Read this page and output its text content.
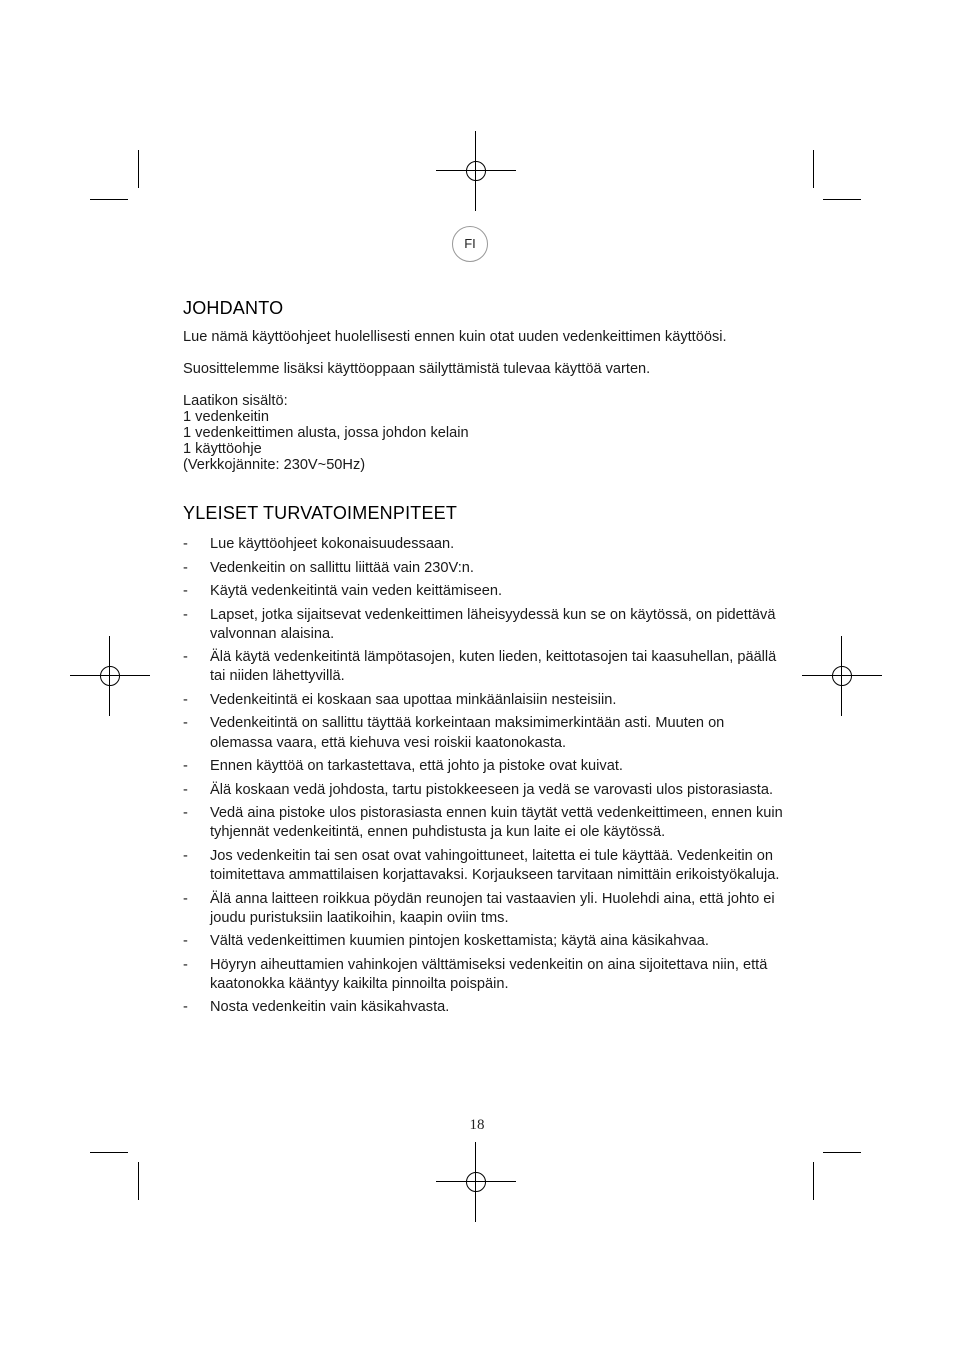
FI
JOHDANTO

Lue nämä käyttöohjeet huolellisesti ennen kuin otat uuden vedenkeittimen käyttöösi.

Suosittelemme lisäksi käyttöoppaan säilyttämistä tulevaa käyttöä varten.

Laatikon sisältö:

1 vedenkeitin

1 vedenkeittimen alusta, jossa johdon kelain

1 käyttöohje

(Verkkojännite: 230V~50Hz)

YLEISET TURVATOIMENPITEET
- Lue käyttöohjeet kokonaisuudessaan.
- Vedenkeitin on sallittu liittää vain 230V:n.
- Käytä vedenkeitintä vain veden keittämiseen.
- Lapset, jotka sijaitsevat vedenkeittimen läheisyydessä kun se on käytössä, on pidettävä valvonnan alaisina.
- Älä käytä vedenkeitintä lämpötasojen, kuten lieden, keittotasojen tai kaasuhellan, päällä tai niiden lähettyvillä.
- Vedenkeitintä ei koskaan saa upottaa minkäänlaisiin nesteisiin.
- Vedenkeitintä on sallittu täyttää korkeintaan maksimimerkintään asti. Muuten on olemassa vaara, että kiehuva vesi roiskii kaatonokasta.
- Ennen käyttöä on tarkastettava, että johto ja pistoke ovat kuivat.
- Älä koskaan vedä johdosta, tartu pistokkeeseen ja vedä se varovasti ulos pistorasiasta.
- Vedä aina pistoke ulos pistorasiasta ennen kuin täytät vettä vedenkeittimeen, ennen kuin tyhjennät vedenkeitintä, ennen puhdistusta ja kun laite ei ole käytössä.
- Jos vedenkeitin tai sen osat ovat vahingoittuneet, laitetta ei tule käyttää. Vedenkeitin on toimitettava ammattilaisen korjattavaksi. Korjaukseen tarvitaan nimittäin erikoistyökaluja.
- Älä anna laitteen roikkua pöydän reunojen tai vastaavien yli. Huolehdi aina, että johto ei joudu puristuksiin laatikoihin, kaapin oviin tms.
- Vältä vedenkeittimen kuumien pintojen koskettamista; käytä aina käsikahvaa.
- Höyryn aiheuttamien vahinkojen välttämiseksi vedenkeitin on aina sijoitettava niin, että kaatonokka kääntyy kaikilta pinnoilta poispäin.
- Nosta vedenkeitin vain käsikahvasta.
18
